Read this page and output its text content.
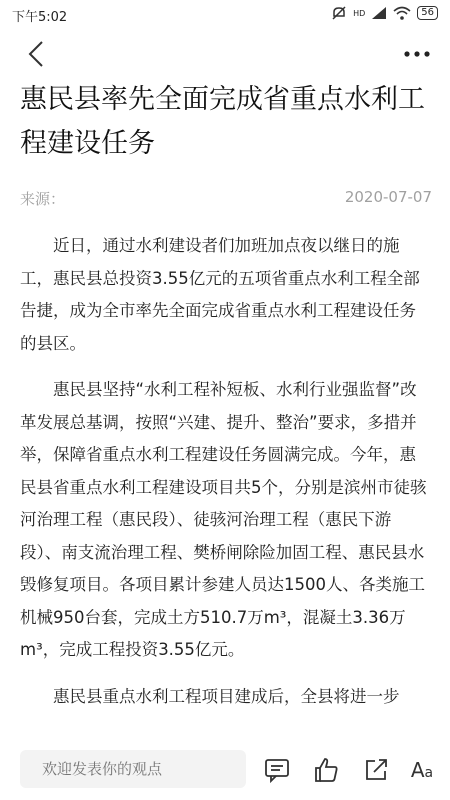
下午5:02	HD	56
惠民县率先全面完成省重点水利工程建设任务
来源：	2020-07-07

近日，通过水利建设者们加班加点夜以继日的施工，惠民县总投资3.55亿元的五项省重点水利工程全部告捷，成为全市率先全面完成省重点水利工程建设任务的县区。

惠民县坚持“水利工程补短板、水利行业强监督”改革发展总基调，按照“兴建、提升、整治”要求，多措并举，保障省重点水利工程建设任务圆满完成。今年，惠民县省重点水利工程建设项目共5个，分别是滨州市徒骇河治理工程（惠民段）、徒骇河治理工程（惠民下游段）、南支流治理工程、樊桥闸除险加固工程、惠民县水毁修复项目。各项目累计参建人员达1500人、各类施工机械950台套，完成土方510.7万m³，混凝土3.36万m³，完成工程投资3.55亿元。

惠民县重点水利工程项目建成后，全县将进一步

欢迎发表你的观点
Aa
